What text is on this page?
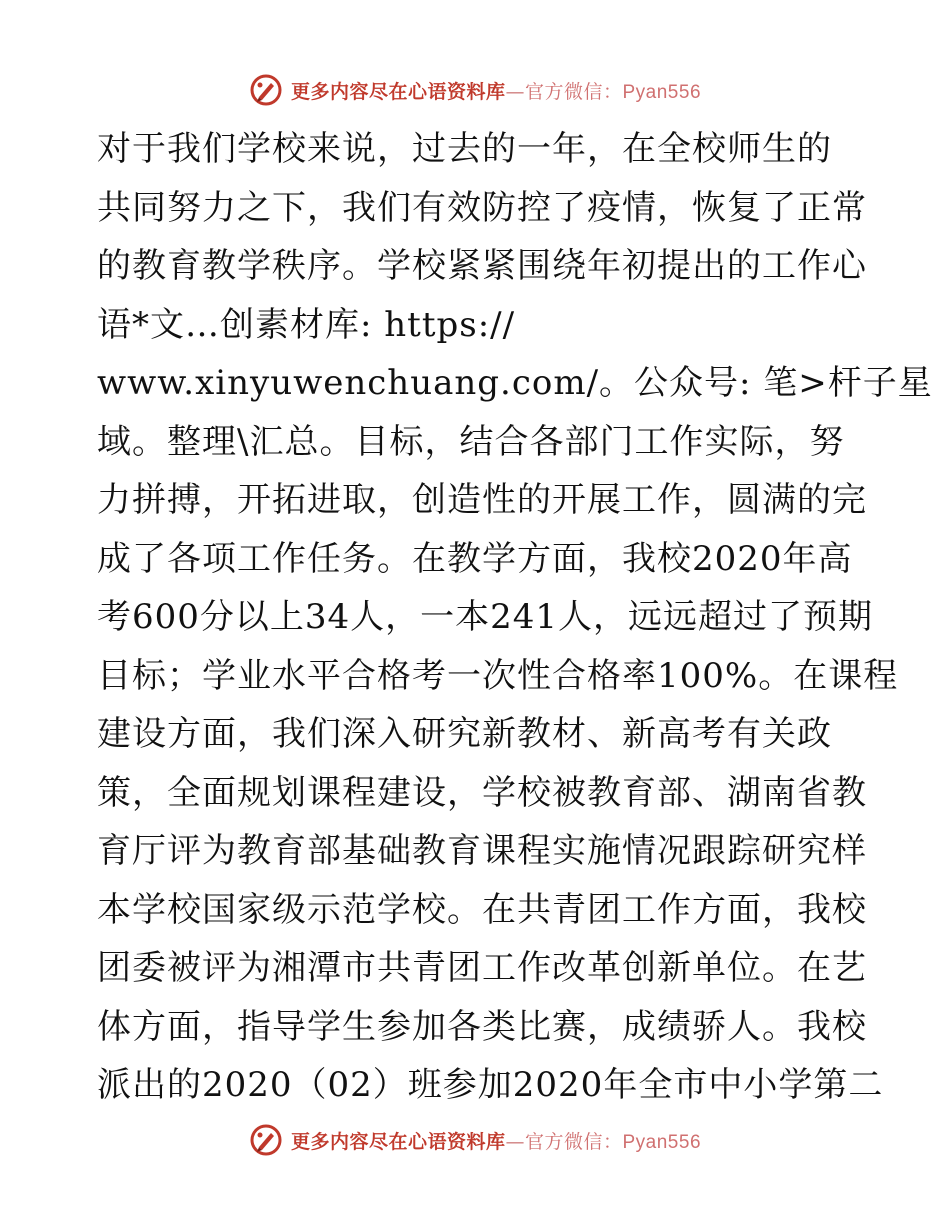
更多内容尽在心语资料库—官方微信：Pyan556
对于我们学校来说，过去的一年，在全校师生的
共同努力之下，我们有效防控了疫情，恢复了正常
的教育教学秩序。学校紧紧围绕年初提出的工作心
语*文…创素材库: https://
www.xinyuwenchuang.com/。公众号: 笔>杆子星
域。整理\汇总。目标，结合各部门工作实际，努
力拼搏，开拓进取，创造性的开展工作，圆满的完
成了各项工作任务。在教学方面，我校2020年高
考600分以上34人，一本241人，远远超过了预期
目标；学业水平合格考一次性合格率100%。在课程
建设方面，我们深入研究新教材、新高考有关政
策，全面规划课程建设，学校被教育部、湖南省教
育厅评为教育部基础教育课程实施情况跟踪研究样
本学校国家级示范学校。在共青团工作方面，我校
团委被评为湘潭市共青团工作改革创新单位。在艺
体方面，指导学生参加各类比赛，成绩骄人。我校
派出的2020（02）班参加2020年全市中小学第二
更多内容尽在心语资料库—官方微信：Pyan556
